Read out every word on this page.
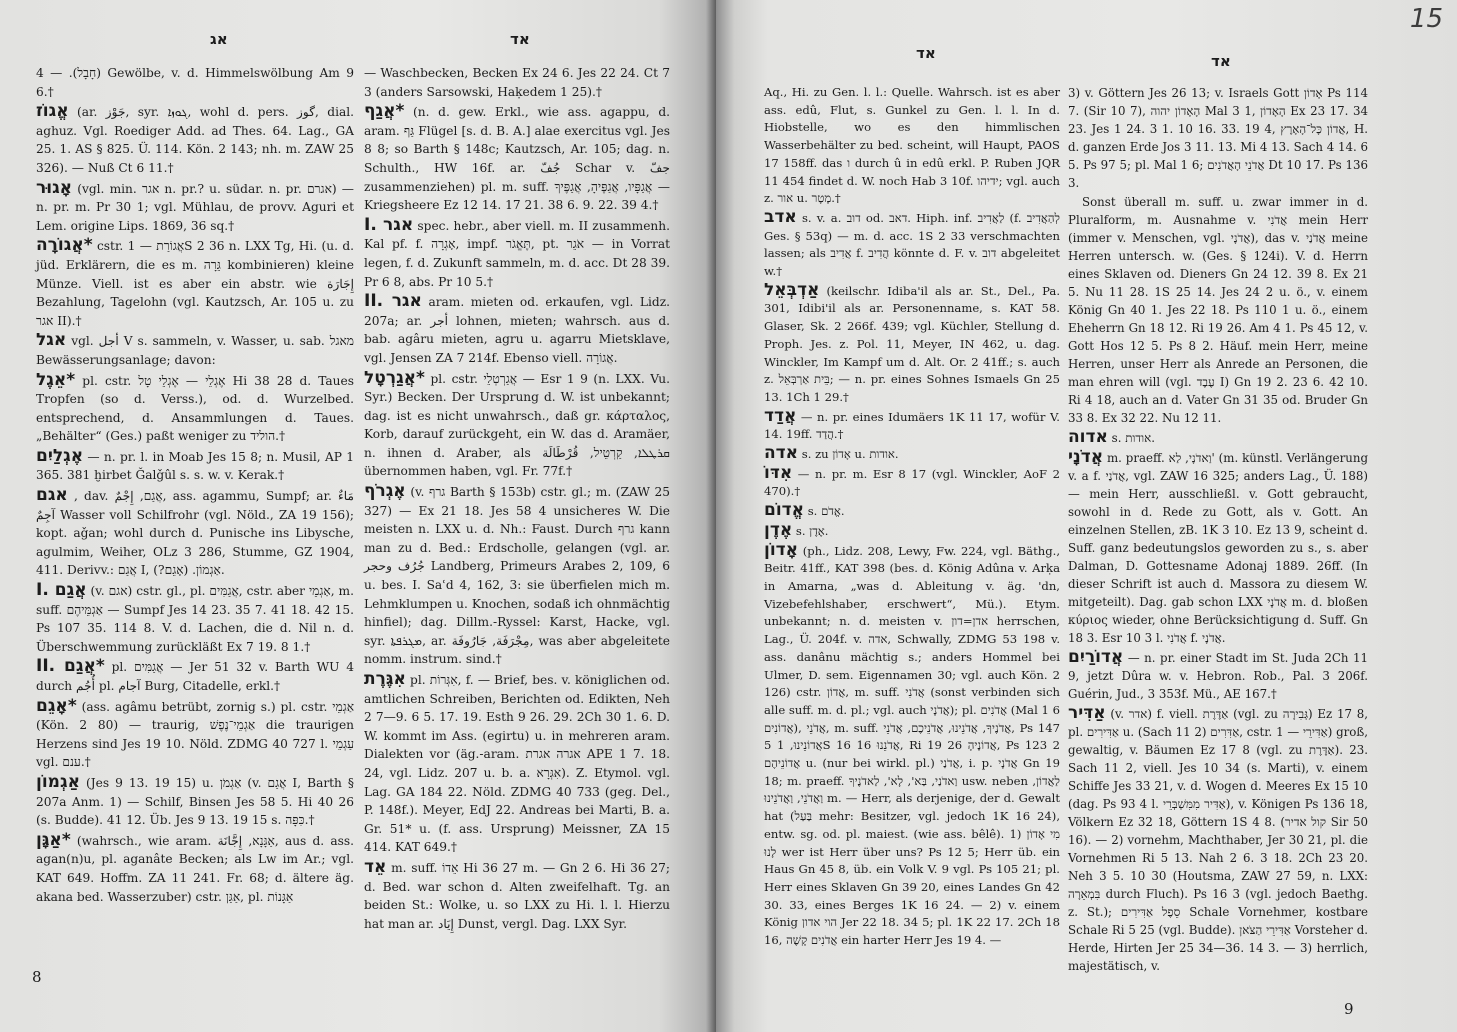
אג	אד
חָבָל). — 4) Gewölbe, v. d. Himmelswölbung Am 9 6.†
אֱגוֹז (ar. جَوْز, syr. ܓܘܙܐ, wohl d. pers. گوز, dial. aghuz. Vgl. Roediger Add. ad Thes. 64. Lag., GA 25. 1. AS § 825. Ü. 114. Kön. 2 143; nh. m. ZAW 25 326). — Nuß Ct 6 11.†
אָגוּר (vgl. min. אגר n. pr.? u. südar. n. pr. אגרם) — n. pr. m. Pr 30 1; vgl. Mühlau, de provv. Aguri et Lem. origine Lips. 1869, 36 sq.†
אֲגוֹרָה* cstr. אֲגוֹרַת — 1S 2 36 n. LXX Tg, Hi. (u. d. jüd. Erklärern, die es m. גֵּרָה kombinieren) kleine Münze. Viell. ist es aber ein abstr. wie إِجَارَة Bezahlung, Tagelohn (vgl. Kautzsch, Ar. 105 u. zu אגר II).†
אגל vgl. أجل V s. sammeln, v. Wasser, u. sab. מאגל Bewässerungsanlage; davon:
אֵגֶל* pl. cstr. אֶגְלֵי — אֶגְלֵי טָל Hi 38 28 d. Taues Tropfen (so d. Verss.), od. d. Wurzelbed. entsprechend, d. Ansammlungen d. Taues. „Behälter“ (Ges.) paßt weniger zu הוליד.†
אֶגְלַיִם — n. pr. l. in Moab Jes 15 8; n. Musil, AP 1 365. 381 ḫirbet Ǧalǧûl s. s. w. v. Kerak.†
אגם , dav. אֲגַם, إِجْمٌ, ass. agammu, Sumpf; ar. مَاءٌ آجِمٌ Wasser voll Schilfrohr (vgl. Nöld., ZA 19 156); kopt. aǧan; wohl durch d. Punische ins Libysche, agulmim, Weiher, OLz 3 286, Stumme, GZ 1904, 411. Derivv.: אֲגַם I, אַגְמוֹן. (אָגֵם?).
I. אֲגַם (v. אגם) cstr. gl., pl. אֲגַמִּים, cstr. aber אַגְמֵי, m. suff. אַגְמֵּיהֶם — Sumpf Jes 14 23. 35 7. 41 18. 42 15. Ps 107 35. 114 8. V. d. Lachen, die d. Nil n. d. Überschwemmung zurückläßt Ex 7 19. 8 1.†
II. אֲגַם* pl. אֲגַמִּים — Jer 51 32 v. Barth WU 4 durch أُجُم pl. آجام Burg, Citadelle, erkl.†
אָגֵם* (ass. agâmu betrübt, zornig s.) pl. cstr. אַגְמֵי (Kön. 2 80) — traurig, אַגְמֵי־נֶפֶשׁ die traurigen Herzens sind Jes 19 10. Nöld. ZDMG 40 727 l. עַגְמֵי vgl. ענם.†
אַגְמוֹן (Jes 9 13. 19 15) u. אַגְמֹן (v. אֲגַם I, Barth § 207a Anm. 1) — Schilf, Binsen Jes 58 5. Hi 40 26 (s. Budde). 41 12. Üb. Jes 9 13. 19 15 s. כִּפָּה.†
אַגָּן* (wahrsch., wie aram. אַגָּנָא, إِجَّانَة, aus d. ass. agan(n)u, pl. aganâte Becken; als Lw im Ar.; vgl. KAT 649. Hoffm. ZA 11 241. Fr. 68; d. ältere äg. akana bed. Wasserzuber) cstr. אַגַּן, pl. אַגָּנוֹת
— Waschbecken, Becken Ex 24 6. Jes 22 24. Ct 7 3 (anders Sarsowski, Haḳedem 1 25).†
אֲגַף* (n. d. gew. Erkl., wie ass. agappu, d. aram. גַּף Flügel [s. d. B. A.] alae exercitus vgl. Jes 8 8; so Barth § 148c; Kautzsch, Ar. 105; dag. n. Schulth., HW 16f. ar. جُفّ Schar v. جفّ zusammenziehen) pl. m. suff. אֲגַפָּיו, אֲגַפֶּיהָ, אֲגַפֶּיךָ — Kriegsheere Ez 12 14. 17 21. 38 6. 9. 22. 39 4.†
I. אגר spec. hebr., aber viell. m. II zusammenh. Kal pf. f. אָגְרָה, impf. תֶּאֱגֹר, pt. אֹגֵר — in Vorrat legen, f. d. Zukunft sammeln, m. d. acc. Dt 28 39. Pr 6 8, abs. Pr 10 5.†
II. אגר aram. mieten od. erkaufen, vgl. Lidz. 207a; ar. أجر lohnen, mieten; wahrsch. aus d. bab. agâru mieten, agru u. agarru Mietsklave, vgl. Jensen ZA 7 214f. Ebenso viell. אֲגוֹרָה.
אֲגַרְטָל* pl. cstr. אֲגַרְטְלֵי — Esr 1 9 (n. LXX. Vu. Syr.) Becken. Der Ursprung d. W. ist unbekannt; dag. ist es nicht unwahrsch., daß gr. κάρταλος, Korb, darauf zurückgeht, ein W. das d. Aramäer, n. ihnen d. Araber, als ܩܪܛܠܐ, קַרְטֵיל, قُرْطَالَة übernommen haben, vgl. Fr. 77f.†
אֶגְרֹף (v. גרף Barth § 153b) cstr. gl.; m. (ZAW 25 327) — Ex 21 18. Jes 58 4 unsicheres W. Die meisten n. LXX u. d. Nh.: Faust. Durch גרף kann man zu d. Bed.: Erdscholle, gelangen (vgl. ar. جُرُف وحجر Landberg, Primeurs Arabes 2, 109, 6 u. bes. I. Saʿd 4, 162, 3: sie überfielen mich m. Lehmklumpen u. Knochen, sodaß ich ohnmächtig hinfiel); dag. Dillm.-Ryssel: Karst, Hacke, vgl. syr. ܡܓܪܦܬܐ, ar. مِجْرَفَة, جَارُوفَة, was aber abgeleitete nomm. instrum. sind.†
אִגֶּרֶת pl. אִגְּרוֹת, f. — Brief, bes. v. königlichen od. amtlichen Schreiben, Berichten od. Edikten, Neh 2 7—9. 6 5. 17. 19. Esth 9 26. 29. 2Ch 30 1. 6. D. W. kommt im Ass. (egirtu) u. in mehreren aram. Dialekten vor (äg.-aram. אגרה אגרת APE 1 7. 18. 24, vgl. Lidz. 207 u. b. a. אִגְּרָא). Z. Etymol. vgl. Lag. GA 184 22. Nöld. ZDMG 40 733 (geg. Del., P. 148f.). Meyer, EdJ 22. Andreas bei Marti, B. a. Gr. 51* u. (f. ass. Ursprung) Meissner, ZA 15 414. KAT 649.†
אֵד m. suff. אֵדוֹ Hi 36 27 m. — Gn 2 6. Hi 36 27; d. Bed. war schon d. Alten zweifelhaft. Tg. an beiden St.: Wolke, u. so LXX zu Hi. l. l. Hierzu hat man ar. إِيَاد Dunst, vergl. Dag. LXX Syr.
8
אד	אד
15
Aq., Hi. zu Gen. l. l.: Quelle. Wahrsch. ist es aber ass. edû, Flut, s. Gunkel zu Gen. l. l. In d. Hiobstelle, wo es den himmlischen Wasserbehälter zu bed. scheint, will Haupt, PAOS 17 158ff. das ו durch û in edû erkl. P. Ruben JQR 11 454 findet d. W. noch Hab 3 10f. ידיהו; vgl. auch z. אור u. מָטָר.†
אדב s. v. a. דוב od. דאב. Hiph. inf. לַאֲדִיב (f. לְהַאֲדִיב Ges. § 53q) — m. d. acc. 1S 2 33 verschmachten lassen; als אֲדִיב f. הֲדִיב könnte d. F. v. דוב abgeleitet w.†
אַדְבְּאֵל (keilschr. Idiba'il als ar. St., Del., Pa. 301, Idibi'il als ar. Personenname, s. KAT 58. Glaser, Sk. 2 266f. 439; vgl. Küchler, Stellung d. Proph. Jes. z. Pol. 11, Meyer, IN 462, u. dag. Winckler, Im Kampf um d. Alt. Or. 2 41ff.; s. auch z. בֵּית אַרְבְּאֵל; — n. pr. eines Sohnes Ismaels Gn 25 13. 1Ch 1 29.†
אֲדַד — n. pr. eines Idumäers 1K 11 17, wofür V. 14. 19ff. הֲדַד.†
אדה s. zu אָדוֹן u. אודות.
אִדּוֹ — n. pr. m. Esr 8 17 (vgl. Winckler, AoF 2 470).†
אֱדוֹם s. אֱדֹם.
אֶדֶן s. אֶדֶן.
אָדוֹן (ph., Lidz. 208, Lewy, Fw. 224, vgl. Bäthg., Beitr. 41ff., KAT 398 (bes. d. König Adûna v. Arḳa in Amarna, „was d. Ableitung v. äg. 'dn, Vizebefehlshaber, erschwert“, Mü.). Etym. unbekannt; n. d. meisten v. אדן=דון herrschen, Lag., Ü. 204f. v. אדה, Schwally, ZDMG 53 198 v. ass. danânu mächtig s.; anders Hommel bei Ulmer, D. sem. Eigennamen 30; vgl. auch Kön. 2 126) cstr. אֲדוֹן, m. suff. אֲדֹנִי (sonst verbinden sich alle suff. m. d. pl.; vgl. auch אֲדֹנָי); pl. אֲדֹנִים (Mal 1 6 אֲדוֹנִים), אֲדֹנֵי, m. suff. אֲדֹנֶיךָ, אֲדֹנֵינוּ, אֲדֹנֵיכֶם, אֲדֹנֵי, Ps 147 5 אֲדוֹנֵינוּ, 1S 16 16 אֲדֹנֵנוּ, Ri 19 26 אֲדוֹנֶיהָ, Ps 123 2 אֲדוֹנֵיהֶם u. (nur bei wirkl. pl.) אֲדֹנַי, i. p. אֲדֹנָי Gn 19 18; m. praeff. וַאדֹנַי, בַּא', לָא', לַאדֹנֶיךָ usw. neben לַאֲדוֹן, וַאֲדֹנֵי, וַאֲדֹנֵינוּ m. — Herr, als derjenige, der d. Gewalt hat (בַּעַל mehr: Besitzer, vgl. jedoch 1K 16 24), entw. sg. od. pl. maiest. (wie ass. bêlê). 1) מִי אָדוֹן לָנוּ wer ist Herr über uns? Ps 12 5; Herr üb. ein Haus Gn 45 8, üb. ein Volk V. 9 vgl. Ps 105 21; pl. Herr eines Sklaven Gn 39 20, eines Landes Gn 42 30. 33, eines Berges 1K 16 24. — 2) v. einem König הוי אדון Jer 22 18. 34 5; pl. 1K 22 17. 2Ch 18 16, אֲדֹנִים קָשֶׁה ein harter Herr Jes 19 4. —
3) v. Göttern Jes 26 13; v. Israels Gott אָדוֹן Ps 114 7. (Sir 10 7), הָאָדוֹן יהוה Mal 3 1, הָאָדוֹן Ex 23 17. 34 23. Jes 1 24. 3 1. 10 16. 33. 19 4, אֲדוֹן כָּל־הָאָרֶץ, H. d. ganzen Erde Jos 3 11. 13. Mi 4 13. Sach 4 14. 6 5. Ps 97 5; pl. Mal 1 6; אֲדֹנֵי הָאֲדֹנִים Dt 10 17. Ps 136 3.
Sonst überall m. suff. u. zwar immer in d. Pluralform, m. Ausnahme v. אֲדֹנִי mein Herr (immer v. Menschen, vgl. אֲדֹנָי), das v. אֲדֹנַי meine Herren untersch. w. (Ges. § 124i). V. d. Herrn eines Sklaven od. Dieners Gn 24 12. 39 8. Ex 21 5. Nu 11 28. 1S 25 14. Jes 24 2 u. ö., v. einem König Gn 40 1. Jes 22 18. Ps 110 1 u. ö., einem Eheherrn Gn 18 12. Ri 19 26. Am 4 1. Ps 45 12, v. Gott Hos 12 5. Ps 8 2. Häuf. mein Herr, meine Herren, unser Herr als Anrede an Personen, die man ehren will (vgl. עֶבֶד I) Gn 19 2. 23 6. 42 10. Ri 4 18, auch an d. Vater Gn 31 35 od. Bruder Gn 33 8. Ex 32 22. Nu 12 11.
אדוה s. אודות.
אֲדֹנָי m. praeff. וַאדֹנָי, לַא' (m. künstl. Verlängerung v. a f. אֲדֹנַי, vgl. ZAW 16 325; anders Lag., Ü. 188) — mein Herr, ausschließl. v. Gott gebraucht, sowohl in d. Rede zu Gott, als v. Gott. An einzelnen Stellen, zB. 1K 3 10. Ez 13 9, scheint d. Suff. ganz bedeutungslos geworden zu s., s. aber Dalman, D. Gottesname Adonaj 1889. 26ff. (In dieser Schrift ist auch d. Massora zu diesem W. mitgeteilt). Dag. gab schon LXX אֲדֹנָי m. d. bloßen κύριος wieder, ohne Berücksichtigung d. Suff. Gn 18 3. Esr 10 3 l. אֲדֹנִי f. אֲדֹנָי.
אֲדוֹרַיִם — n. pr. einer Stadt im St. Juda 2Ch 11 9, jetzt Dûra w. v. Hebron. Rob., Pal. 3 206f. Guérin, Jud., 3 353f. Mü., AE 167.†
אַדִּיר (v. אדר) f. viell. אַדֶּרֶת (vgl. zu גְּבִירָה) Ez 17 8, pl. אַדִּירִים u. (Sach 11 2) אַדִּרִים, cstr. אַדִּירֵי — 1) groß, gewaltig, v. Bäumen Ez 17 8 (vgl. zu אַדֶּרֶת). 23. Sach 11 2, viell. Jes 10 34 (s. Marti), v. einem Schiffe Jes 33 21, v. d. Wogen d. Meeres Ex 15 10 (dag. Ps 93 4 l. אַדִּיר מִמִּשְׁבְּרֵי), v. Königen Ps 136 18, Völkern Ez 32 18, Göttern 1S 4 8. (קול אדיר Sir 50 16). — 2) vornehm, Machthaber, Jer 30 21, pl. die Vornehmen Ri 5 13. Nah 2 6. 3 18. 2Ch 23 20. Neh 3 5. 10 30 (Houtsma, ZAW 27 59, n. LXX: בִּמְאֵרָה durch Fluch). Ps 16 3 (vgl. jedoch Baethg. z. St.); סֵפֶל אַדִּירִים Schale Vornehmer, kostbare Schale Ri 5 25 (vgl. Budde). אַדִּירֵי הַצֹּאן Vorsteher d. Herde, Hirten Jer 25 34—36. 14 3. — 3) herrlich, majestätisch, v.
9
